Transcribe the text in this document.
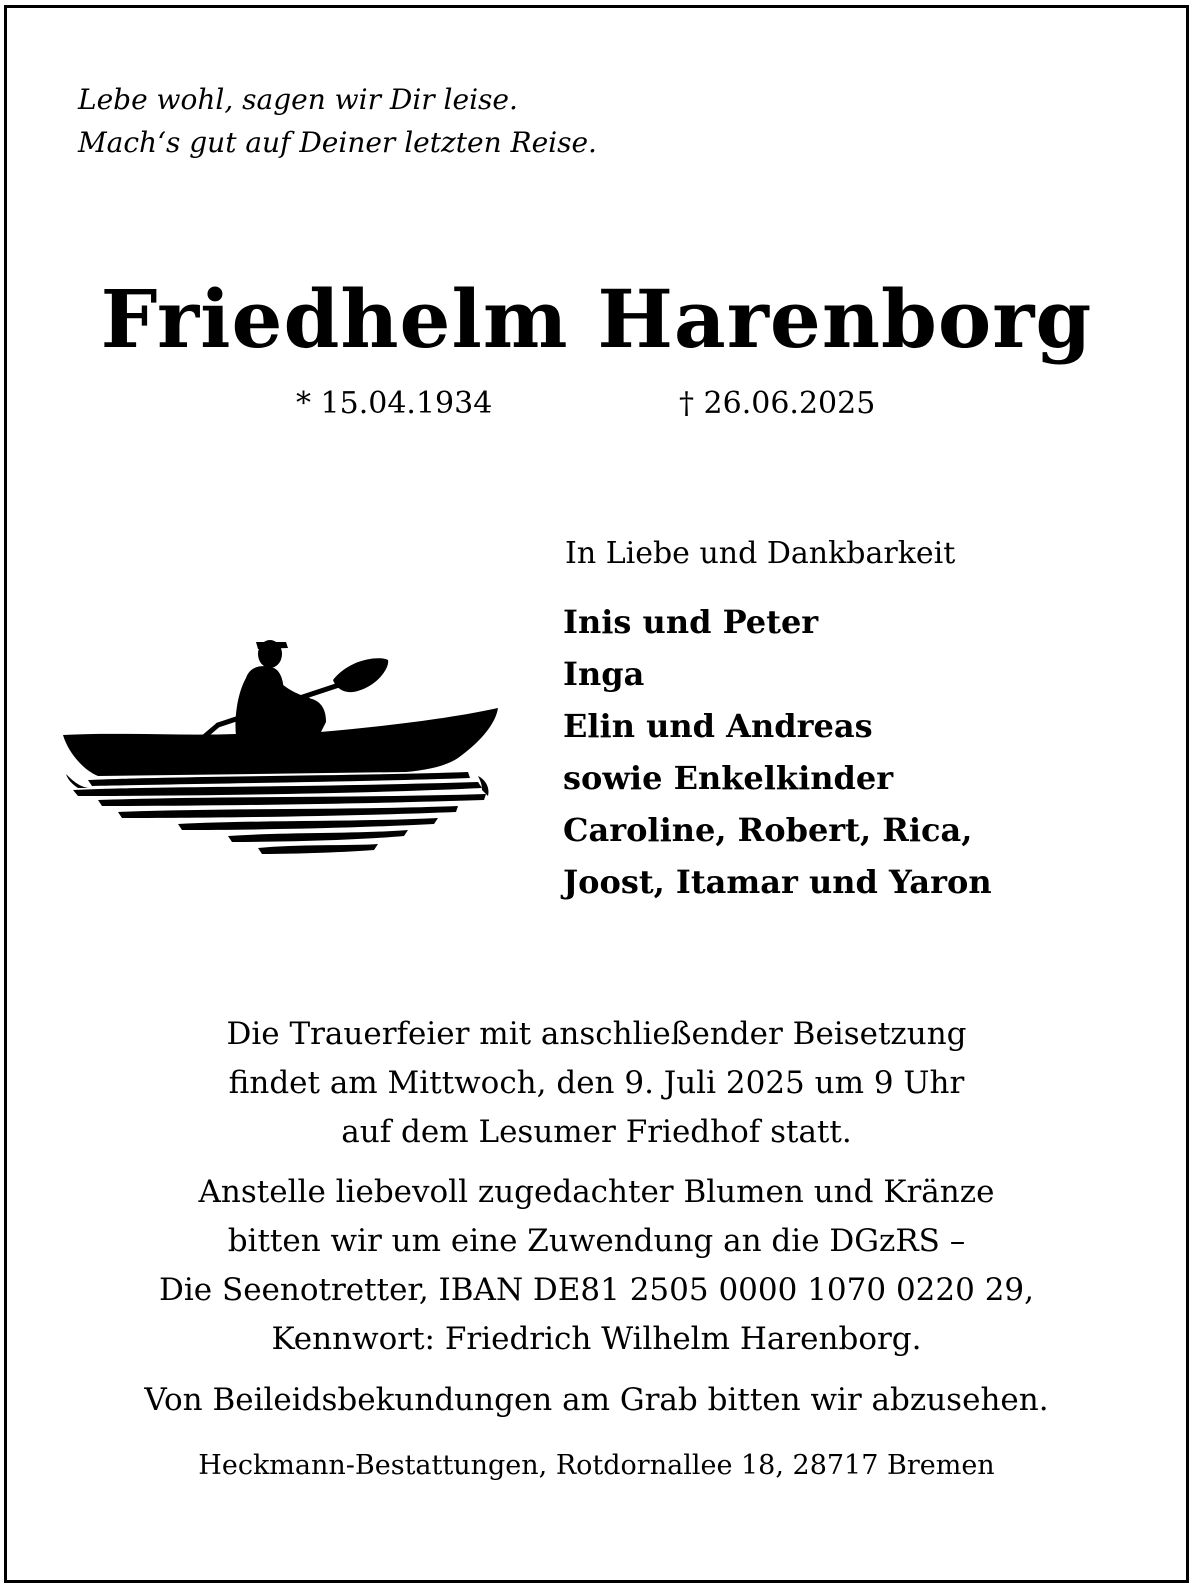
Lebe wohl, sagen wir Dir leise.
Mach‘s gut auf Deiner letzten Reise.
Friedhelm Harenborg
* 15.04.1934	† 26.06.2025
In Liebe und Dankbarkeit
Inis und Peter
Inga
Elin und Andreas
sowie Enkelkinder
Caroline, Robert, Rica,
Joost, Itamar und Yaron
Die Trauerfeier mit anschließender Beisetzung
findet am Mittwoch, den 9. Juli 2025 um 9 Uhr
auf dem Lesumer Friedhof statt.
Anstelle liebevoll zugedachter Blumen und Kränze
bitten wir um eine Zuwendung an die DGzRS –
Die Seenotretter, IBAN DE81 2505 0000 1070 0220 29,
Kennwort: Friedrich Wilhelm Harenborg.
Von Beileidsbekundungen am Grab bitten wir abzusehen.
Heckmann-Bestattungen, Rotdornallee 18, 28717 Bremen
